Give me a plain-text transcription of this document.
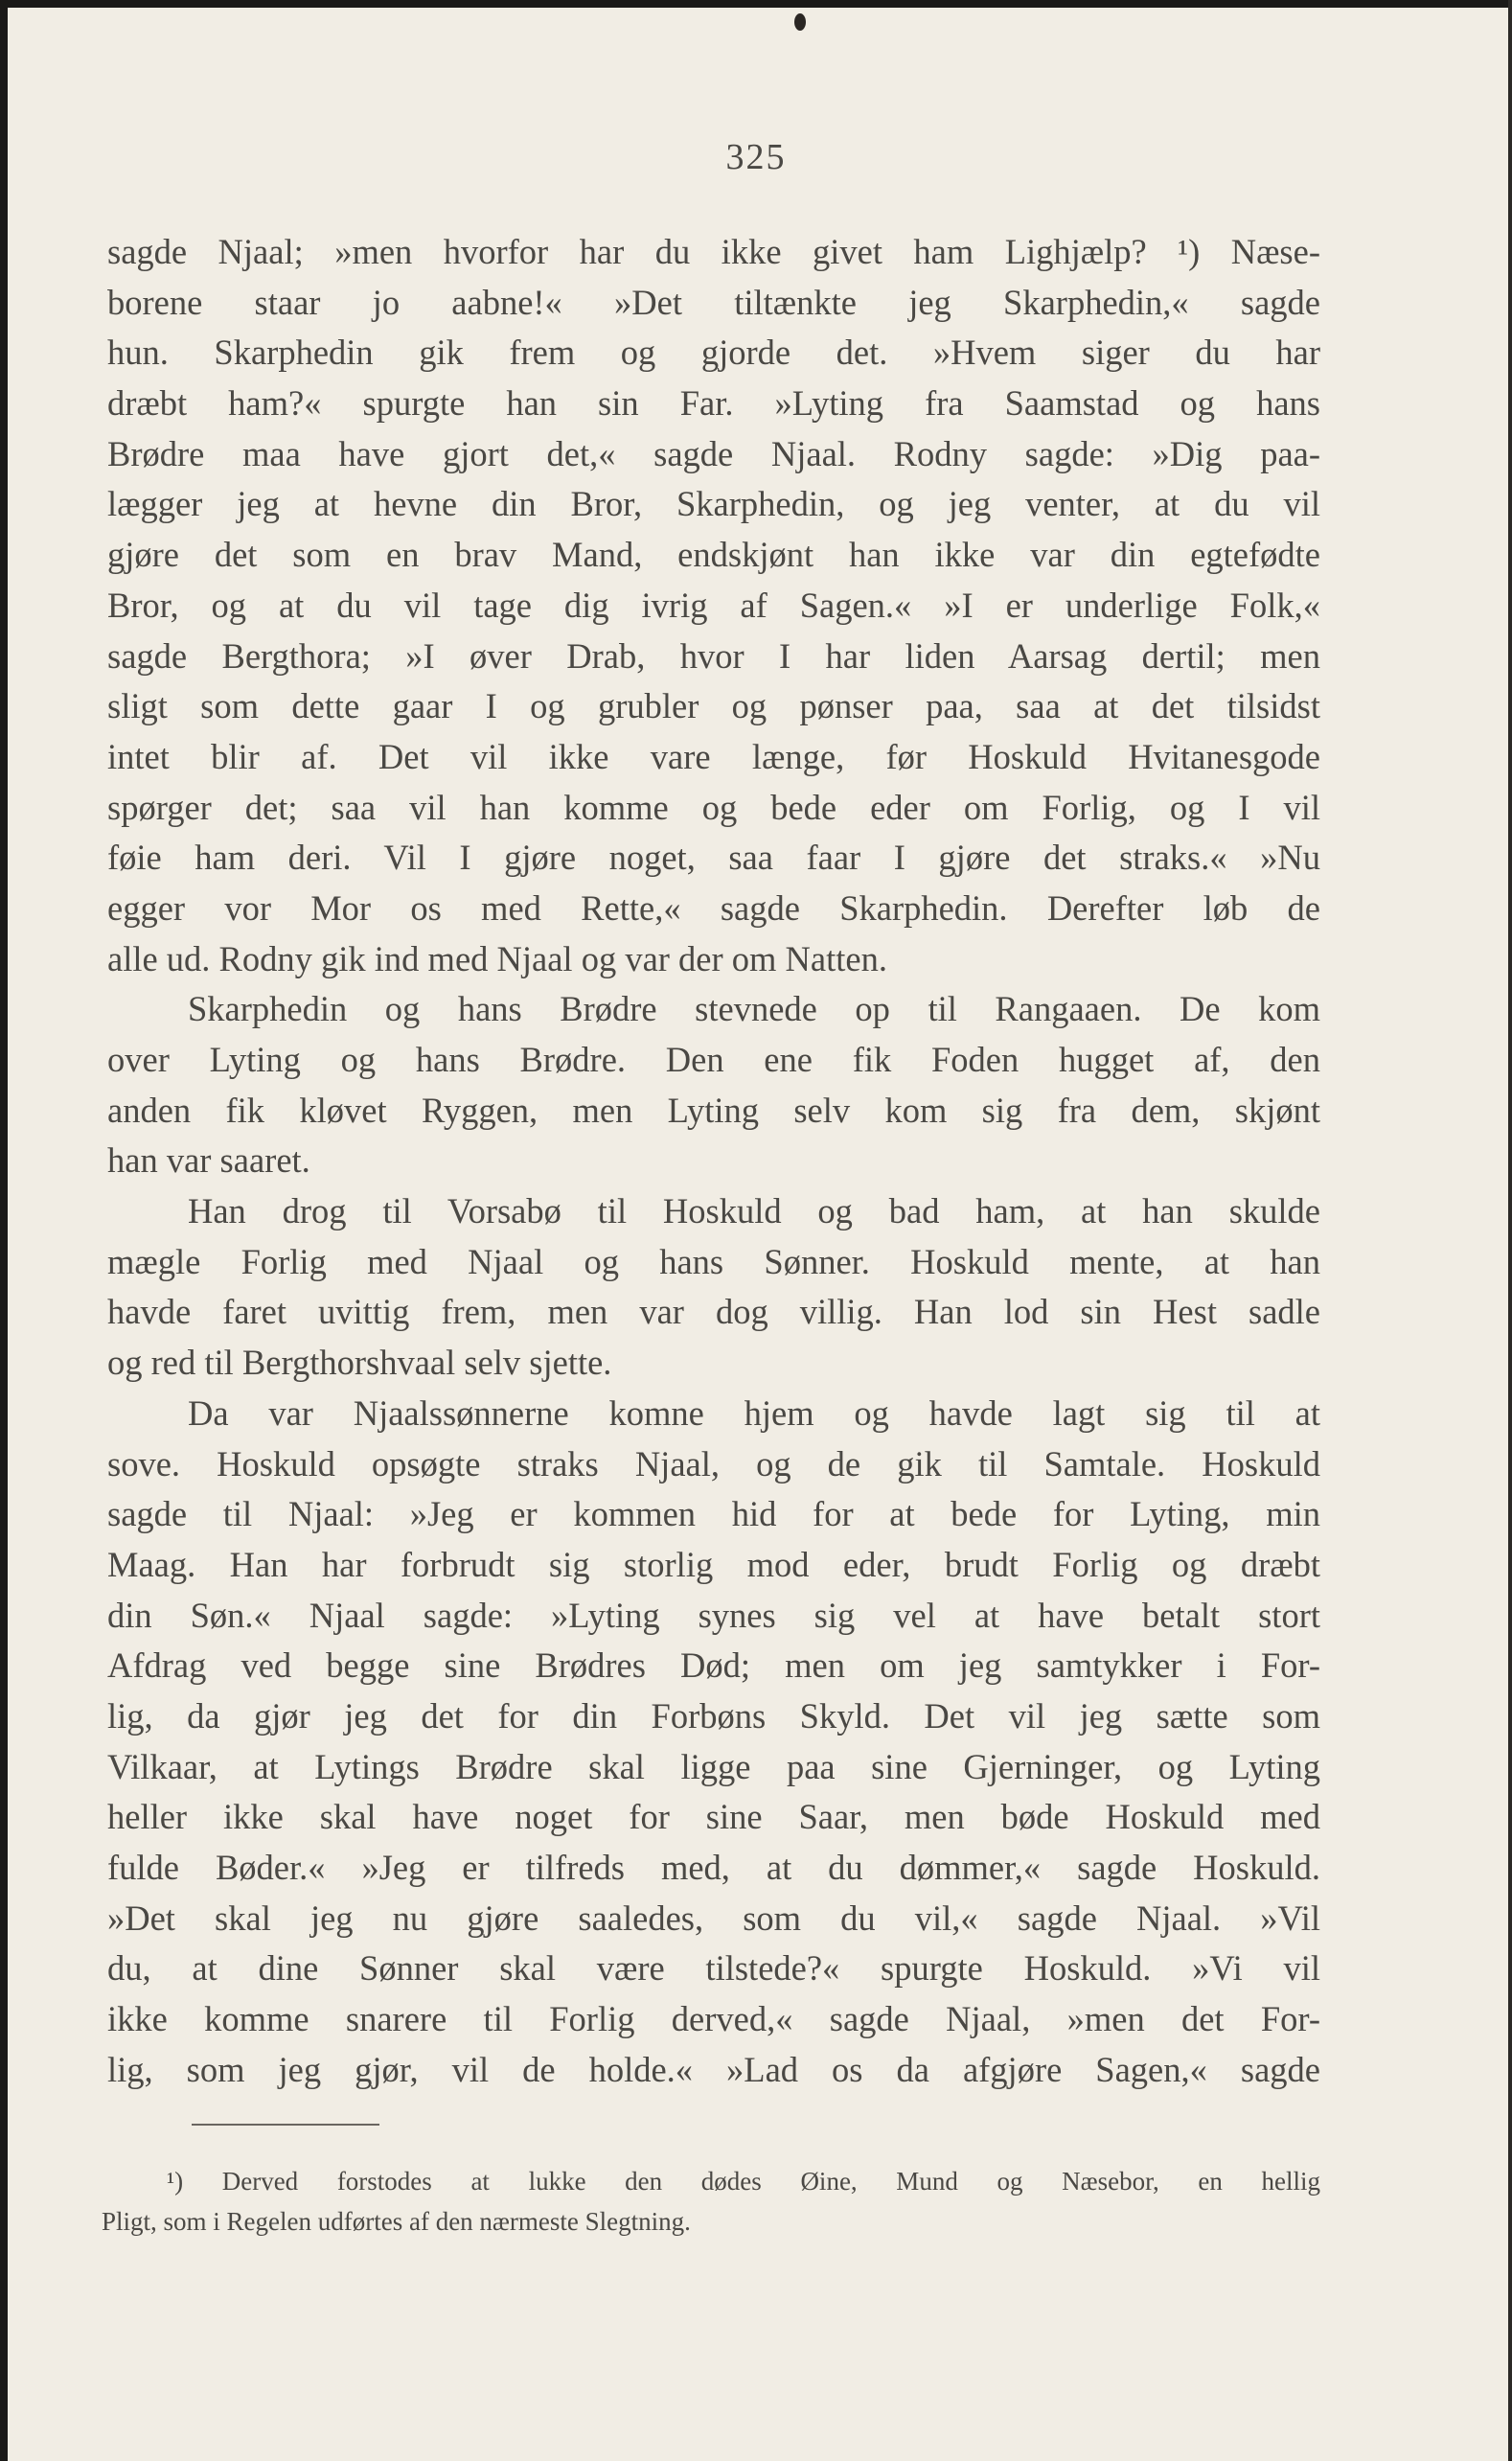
325
sagde Njaal; »men hvorfor har du ikke givet ham Lighjælp? ¹) Næse-
borene staar jo aabne!« »Det tiltænkte jeg Skarphedin,« sagde
hun. Skarphedin gik frem og gjorde det. »Hvem siger du har
dræbt ham?« spurgte han sin Far. »Lyting fra Saamstad og hans
Brødre maa have gjort det,« sagde Njaal. Rodny sagde: »Dig paa-
lægger jeg at hevne din Bror, Skarphedin, og jeg venter, at du vil
gjøre det som en brav Mand, endskjønt han ikke var din egtefødte
Bror, og at du vil tage dig ivrig af Sagen.« »I er underlige Folk,«
sagde Bergthora; »I øver Drab, hvor I har liden Aarsag dertil; men
sligt som dette gaar I og grubler og pønser paa, saa at det tilsidst
intet blir af. Det vil ikke vare længe, før Hoskuld Hvitanesgode
spørger det; saa vil han komme og bede eder om Forlig, og I vil
føie ham deri. Vil I gjøre noget, saa faar I gjøre det straks.« »Nu
egger vor Mor os med Rette,« sagde Skarphedin. Derefter løb de
alle ud. Rodny gik ind med Njaal og var der om Natten.
Skarphedin og hans Brødre stevnede op til Rangaaen. De kom
over Lyting og hans Brødre. Den ene fik Foden hugget af, den
anden fik kløvet Ryggen, men Lyting selv kom sig fra dem, skjønt
han var saaret.
Han drog til Vorsabø til Hoskuld og bad ham, at han skulde
mægle Forlig med Njaal og hans Sønner. Hoskuld mente, at han
havde faret uvittig frem, men var dog villig. Han lod sin Hest sadle
og red til Bergthorshvaal selv sjette.
Da var Njaalssønnerne komne hjem og havde lagt sig til at
sove. Hoskuld opsøgte straks Njaal, og de gik til Samtale. Hoskuld
sagde til Njaal: »Jeg er kommen hid for at bede for Lyting, min
Maag. Han har forbrudt sig storlig mod eder, brudt Forlig og dræbt
din Søn.« Njaal sagde: »Lyting synes sig vel at have betalt stort
Afdrag ved begge sine Brødres Død; men om jeg samtykker i For-
lig, da gjør jeg det for din Forbøns Skyld. Det vil jeg sætte som
Vilkaar, at Lytings Brødre skal ligge paa sine Gjerninger, og Lyting
heller ikke skal have noget for sine Saar, men bøde Hoskuld med
fulde Bøder.« »Jeg er tilfreds med, at du dømmer,« sagde Hoskuld.
»Det skal jeg nu gjøre saaledes, som du vil,« sagde Njaal. »Vil
du, at dine Sønner skal være tilstede?« spurgte Hoskuld. »Vi vil
ikke komme snarere til Forlig derved,« sagde Njaal, »men det For-
lig, som jeg gjør, vil de holde.« »Lad os da afgjøre Sagen,« sagde
¹) Derved forstodes at lukke den dødes Øine, Mund og Næsebor, en hellig
Pligt, som i Regelen udførtes af den nærmeste Slegtning.
